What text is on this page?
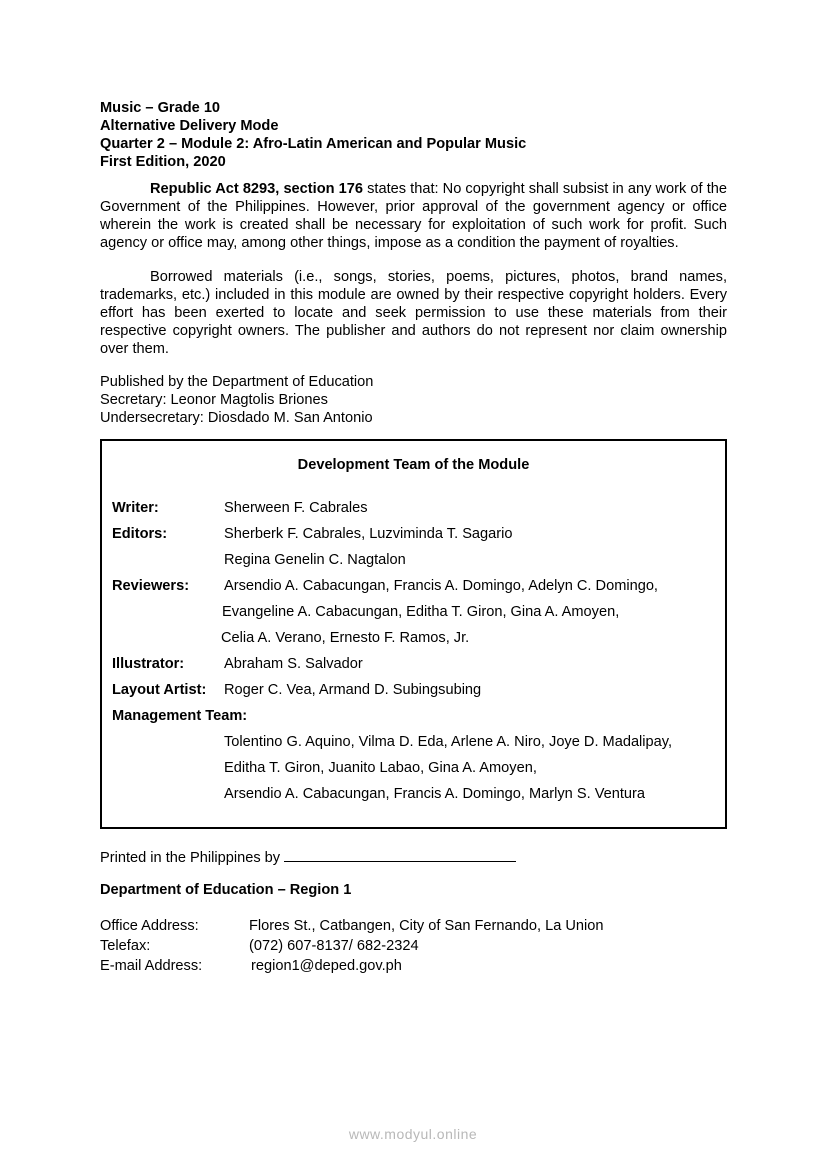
Music – Grade 10
Alternative Delivery Mode
Quarter 2 – Module 2: Afro-Latin American and Popular Music
First Edition, 2020
Republic Act 8293, section 176 states that: No copyright shall subsist in any work of the Government of the Philippines. However, prior approval of the government agency or office wherein the work is created shall be necessary for exploitation of such work for profit. Such agency or office may, among other things, impose as a condition the payment of royalties.
Borrowed materials (i.e., songs, stories, poems, pictures, photos, brand names, trademarks, etc.) included in this module are owned by their respective copyright holders. Every effort has been exerted to locate and seek permission to use these materials from their respective copyright owners. The publisher and authors do not represent nor claim ownership over them.
Published by the Department of Education
Secretary: Leonor Magtolis Briones
Undersecretary: Diosdado M. San Antonio
Development Team of the Module
Writer:	Sherween F. Cabrales
Editors:	Sherberk F. Cabrales, Luzviminda T. Sagario
Regina Genelin C. Nagtalon
Reviewers: Arsendio A. Cabacungan, Francis A. Domingo, Adelyn C. Domingo,
Evangeline A. Cabacungan, Editha T. Giron, Gina A. Amoyen,
Celia A. Verano, Ernesto F. Ramos, Jr.
Illustrator:	Abraham S. Salvador
Layout Artist: Roger C. Vea, Armand D. Subingsubing
Management Team:
Tolentino G. Aquino, Vilma D. Eda, Arlene A. Niro, Joye D. Madalipay,
Editha T. Giron, Juanito Labao, Gina A. Amoyen,
Arsendio A. Cabacungan, Francis A. Domingo, Marlyn S. Ventura
Printed in the Philippines by
Department of Education – Region 1
Office Address:	Flores St., Catbangen, City of San Fernando, La Union
Telefax:	(072) 607-8137/ 682-2324
E-mail Address:	region1@deped.gov.ph
www.modyul.online
